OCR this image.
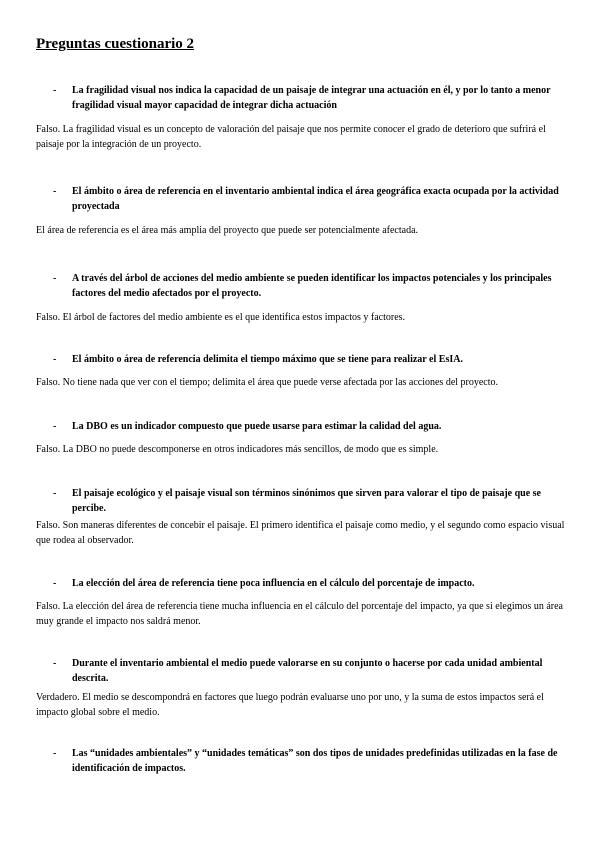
Preguntas cuestionario 2
- La fragilidad visual nos indica la capacidad de un paisaje de integrar una actuación en él, y por lo tanto a menor fragilidad visual mayor capacidad de integrar dicha actuación
Falso. La fragilidad visual es un concepto de valoración del paisaje que nos permite conocer el grado de deterioro que sufrirá el paisaje por la integración de un proyecto.
- El ámbito o área de referencia en el inventario ambiental indica el área geográfica exacta ocupada por la actividad proyectada
El área de referencia es el área más amplia del proyecto que puede ser potencialmente afectada.
- A través del árbol de acciones del medio ambiente se pueden identificar los impactos potenciales y los principales factores del medio afectados por el proyecto.
Falso. El árbol de factores del medio ambiente es el que identifica estos impactos y factores.
- El ámbito o área de referencia delimita el tiempo máximo que se tiene para realizar el EsIA.
Falso. No tiene nada que ver con el tiempo; delimita el área que puede verse afectada por las acciones del proyecto.
- La DBO es un indicador compuesto que puede usarse para estimar la calidad del agua.
Falso. La DBO no puede descomponerse en otros indicadores más sencillos, de modo que es simple.
- El paisaje ecológico y el paisaje visual son términos sinónimos que sirven para valorar el tipo de paisaje que se percibe.
Falso. Son maneras diferentes de concebir el paisaje. El primero identifica el paisaje como medio, y el segundo como espacio visual que rodea al observador.
- La elección del área de referencia tiene poca influencia en el cálculo del porcentaje de impacto.
Falso. La elección del área de referencia tiene mucha influencia en el cálculo del porcentaje del impacto, ya que si elegimos un área muy grande el impacto nos saldrá menor.
- Durante el inventario ambiental el medio puede valorarse en su conjunto o hacerse por cada unidad ambiental descrita.
Verdadero. El medio se descompondrá en factores que luego podrán evaluarse uno por uno, y la suma de estos impactos será el impacto global sobre el medio.
- Las “unidades ambientales” y “unidades temáticas” son dos tipos de unidades predefinidas utilizadas en la fase de identificación de impactos.
